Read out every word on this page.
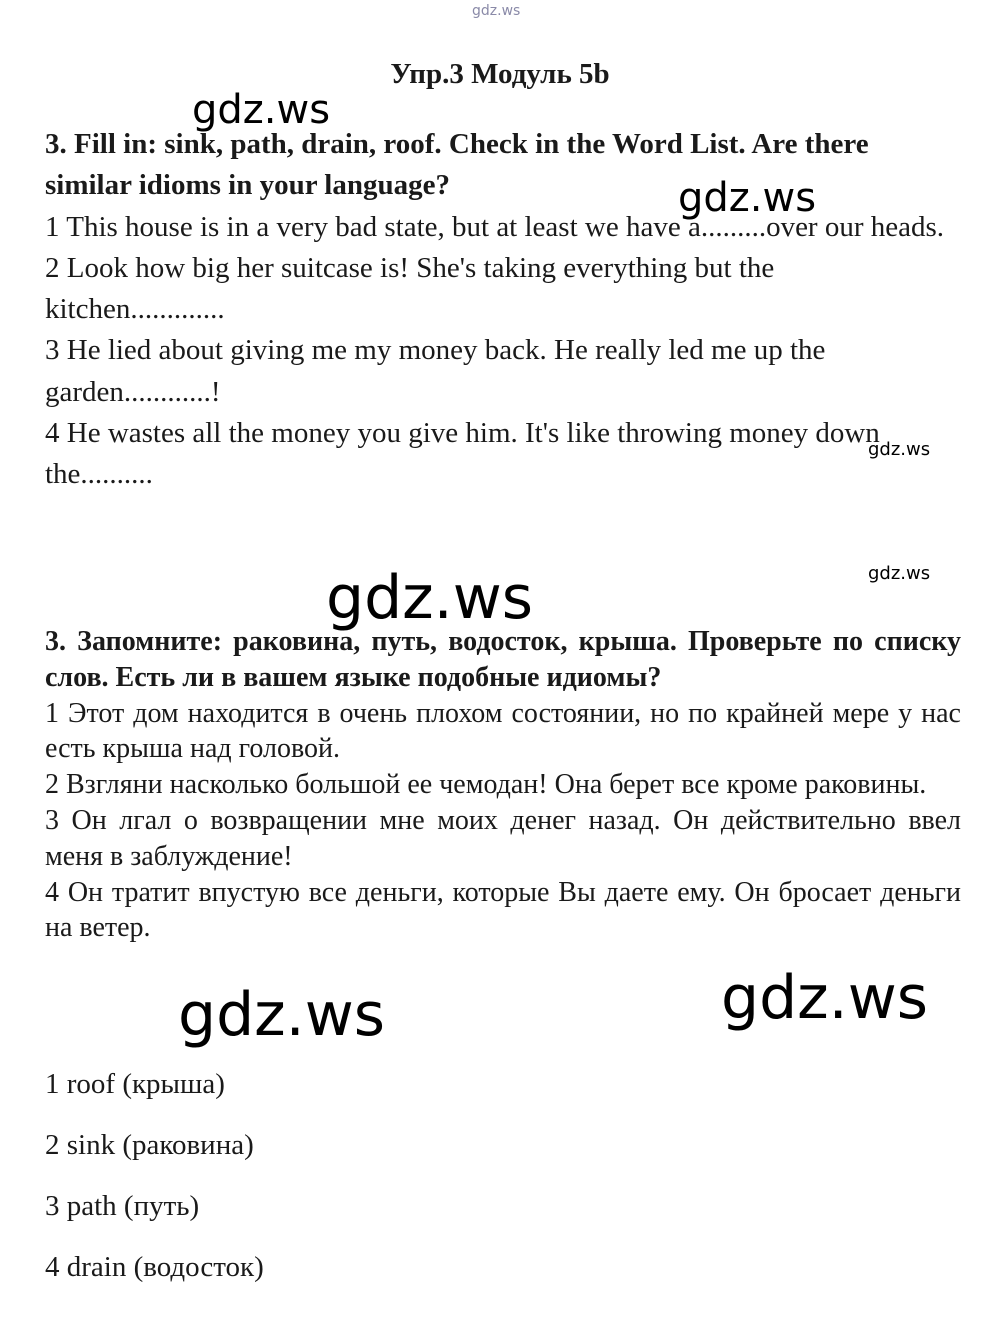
gdz.ws
gdz.ws
gdz.ws
gdz.ws
gdz.ws
gdz.ws
gdz.ws	gdz.ws
Упр.3 Модуль 5b

3. Fill in: sink, path, drain, roof. Check in the Word List. Are there similar idioms in your language?

1 This house is in a very bad state, but at least we have a.........over our heads.

2 Look how big her suitcase is! She's taking everything but the kitchen.............

3 He lied about giving me my money back. He really led me up the garden............!

4 He wastes all the money you give him. It's like throwing money down the..........

3. Запомните: раковина, путь, водосток, крыша. Проверьте по списку слов. Есть ли в вашем языке подобные идиомы?

1 Этот дом находится в очень плохом состоянии, но по крайней мере у нас есть крыша над головой.

2 Взгляни насколько большой ее чемодан! Она берет все кроме раковины.

3 Он лгал о возвращении мне моих денег назад. Он действительно ввел меня в заблуждение!

4 Он тратит впустую все деньги, которые Вы даете ему. Он бросает деньги на ветер.

1 roof (крыша)
2 sink (раковина)
3 path (путь)
4 drain (водосток)
